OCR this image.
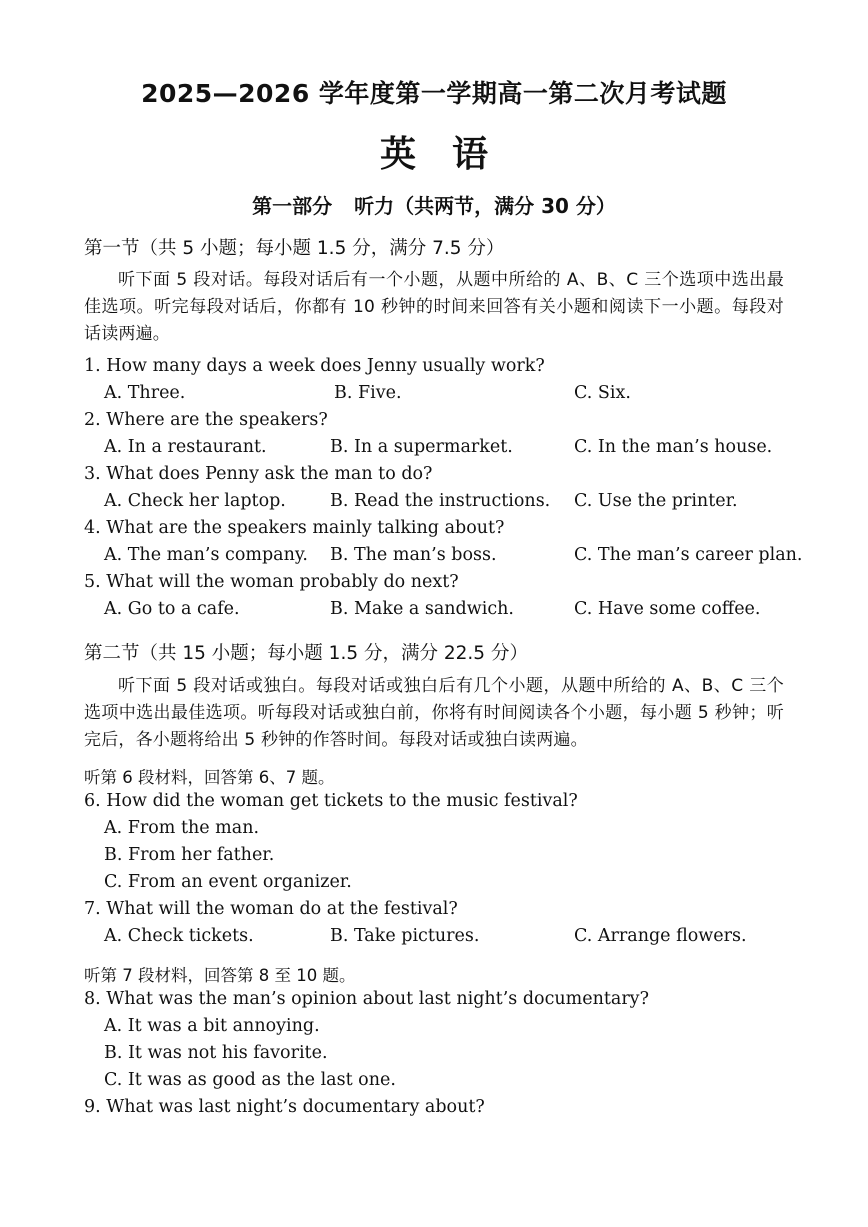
2025—2026 学年度第一学期高一第二次月考试题
英语
第一部分 听力（共两节，满分 30 分）
第一节（共 5 小题；每小题 1.5 分，满分 7.5 分）
听下面 5 段对话。每段对话后有一个小题，从题中所给的 A、B、C 三个选项中选出最佳选项。听完每段对话后，你都有 10 秒钟的时间来回答有关小题和阅读下一小题。每段对话读两遍。
1. How many days a week does Jenny usually work?
A. Three.	B. Five.	C. Six.
2. Where are the speakers?
A. In a restaurant.	B. In a supermarket.	C. In the man’s house.
3. What does Penny ask the man to do?
A. Check her laptop.	B. Read the instructions. C. Use the printer.
4. What are the speakers mainly talking about?
A. The man’s company. B. The man’s boss.	C. The man’s career plan.
5. What will the woman probably do next?
A. Go to a cafe.	B. Make a sandwich.	C. Have some coffee.
第二节（共 15 小题；每小题 1.5 分，满分 22.5 分）
听下面 5 段对话或独白。每段对话或独白后有几个小题，从题中所给的 A、B、C 三个选项中选出最佳选项。听每段对话或独白前，你将有时间阅读各个小题，每小题 5 秒钟；听完后，各小题将给出 5 秒钟的作答时间。每段对话或独白读两遍。
听第 6 段材料，回答第 6、7 题。
6. How did the woman get tickets to the music festival?
A. From the man.
B. From her father.
C. From an event organizer.
7. What will the woman do at the festival?
A. Check tickets.	B. Take pictures.	C. Arrange flowers.
听第 7 段材料，回答第 8 至 10 题。
8. What was the man’s opinion about last night’s documentary?
A. It was a bit annoying.
B. It was not his favorite.
C. It was as good as the last one.
9. What was last night’s documentary about?
